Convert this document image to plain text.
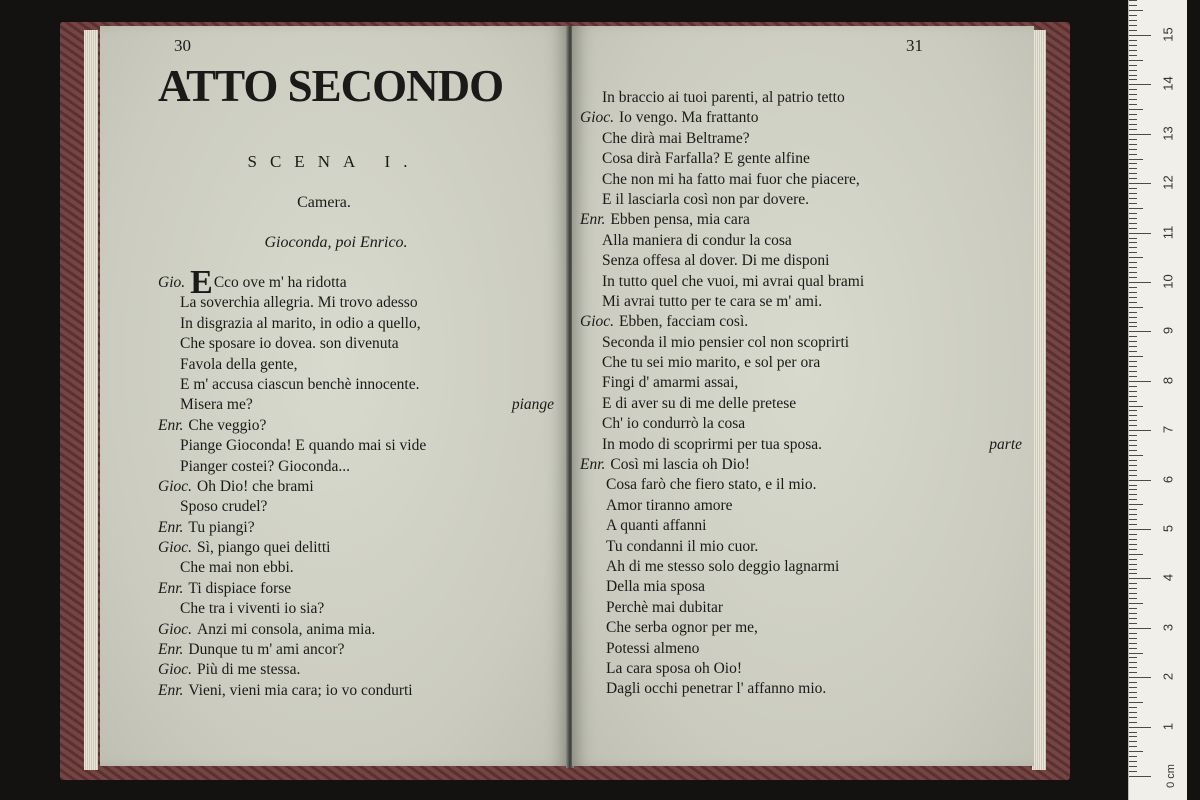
30
ATTO SECONDO
SCENA I.
Camera.
Gioconda, poi Enrico.
Gio. ECco ove m' ha ridotta
La soverchia allegria. Mi trovo adesso
In disgrazia al marito, in odio a quello,
Che sposare io dovea. son divenuta
Favola della gente,
E m' accusa ciascun benchè innocente.
Misera me?	piange
Enr. Che veggio?
Piange Gioconda! E quando mai si vide
Pianger costei? Gioconda...
Gioc. Oh Dio! che brami
Sposo crudel?
Enr. Tu piangi?
Gioc. Sì, piango quei delitti
Che mai non ebbi.
Enr. Ti dispiace forse
Che tra i viventi io sia?
Gioc. Anzi mi consola, anima mia.
Enr. Dunque tu m' ami ancor?
Gioc. Più di me stessa.
Enr. Vieni, vieni mia cara; io vo condurti
31
In braccio ai tuoi parenti, al patrio tetto
Gioc. Io vengo. Ma frattanto
Che dirà mai Beltrame?
Cosa dirà Farfalla? E gente alfine
Che non mi ha fatto mai fuor che piacere,
E il lasciarla così non par dovere.
Enr. Ebben pensa, mia cara
Alla maniera di condur la cosa
Senza offesa al dover. Di me disponi
In tutto quel che vuoi, mi avrai qual brami
Mi avrai tutto per te cara se m' ami.
Gioc. Ebben, facciam così.
Seconda il mio pensier col non scoprirti
Che tu sei mio marito, e sol per ora
Fingi d' amarmi assai,
E di aver su di me delle pretese
Ch' io condurrò la cosa
In modo di scoprirmi per tua sposa.	parte
Enr. Così mi lascia oh Dio!
Cosa farò che fiero stato, e il mio.
Amor tiranno amore
A quanti affanni
Tu condanni il mio cuor.
Ah di me stesso solo deggio lagnarmi
Della mia sposa
Perchè mai dubitar
Che serba ognor per me,
Potessi almeno
La cara sposa oh Oio!
Dagli occhi penetrar l' affanno mio.
0 cm
1
2
3
4
5
6
7
8
9
10
11
12
13
14
15
